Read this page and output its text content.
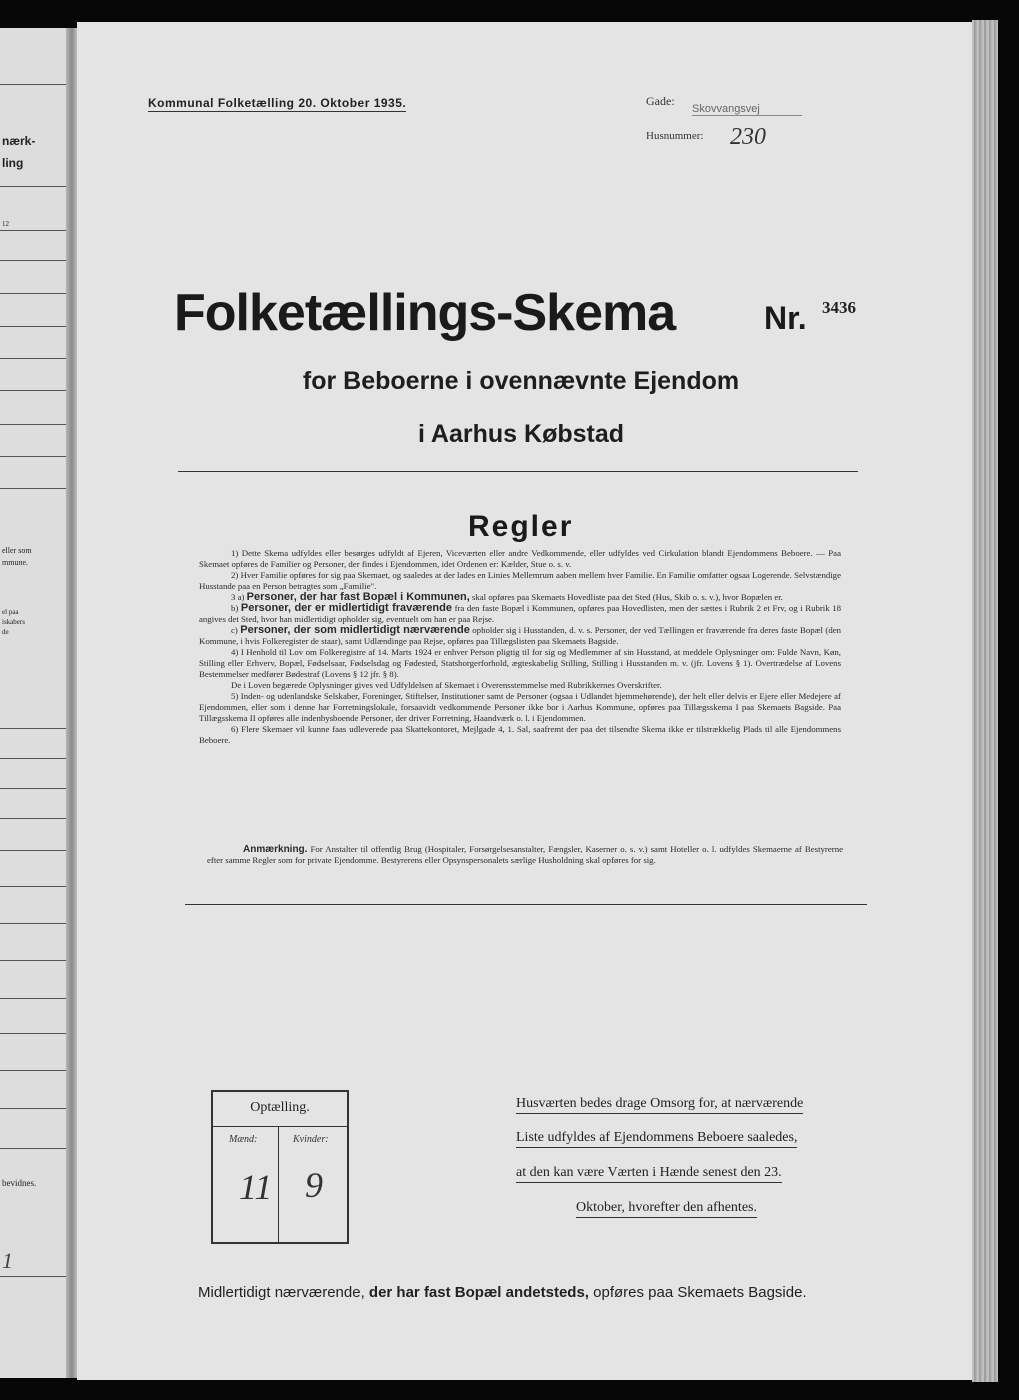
nærk-
ling
12
eller som
mmune.
el paa
iskabers
de
bevidnes.
1
Kommunal Folketælling 20. Oktober 1935.	Gade:
Skovvangsvej
Husnummer: 230
Folketællings-Skema	Nr. 3436
for Beboerne i ovennævnte Ejendom
i Aarhus Købstad
Regler

1) Dette Skema udfyldes eller besørges udfyldt af Ejeren, Viceværten eller andre Vedkommende, eller udfyldes ved Cirkulation blandt Ejendommens Beboere. — Paa Skemaet opføres de Familier og Personer, der findes i Ejendommen, idet Ordenen er: Kælder, Stue o. s. v.

2) Hver Familie opføres for sig paa Skemaet, og saaledes at der lades en Linies Mellemrum aaben mellem hver Familie. En Familie omfatter ogsaa Logerende. Selvstændige Husstande paa en Person betragtes som „Familie".

3 a) Personer, der har fast Bopæl i Kommunen, skal opføres paa Skemaets Hovedliste paa det Sted (Hus, Skib o. s. v.), hvor Bopælen er.

b) Personer, der er midlertidigt fraværende fra den faste Bopæl i Kommunen, opføres paa Hovedlisten, men der sættes i Rubrik 2 et Frv, og i Rubrik 18 angives det Sted, hvor han midlertidigt opholder sig, eventuelt om han er paa Rejse.

c) Personer, der som midlertidigt nærværende opholder sig i Husstanden, d. v. s. Personer, der ved Tællingen er fraværende fra deres faste Bopæl (den Kommune, i hvis Folkeregister de staar), samt Udlændinge paa Rejse, opføres paa Tillægslisten paa Skemaets Bagside.

4) I Henhold til Lov om Folkeregistre af 14. Marts 1924 er enhver Person pligtig til for sig og Medlemmer af sin Husstand, at meddele Oplysninger om: Fulde Navn, Køn, Stilling eller Erhverv, Bopæl, Fødselsaar, Fødselsdag og Fødested, Statsborgerforhold, ægteskabelig Stilling, Stilling i Husstanden m. v. (jfr. Lovens § 1). Overtrædelse af Lovens Bestemmelser medfører Bødestraf (Lovens § 12 jfr. § 8).

De i Loven begærede Oplysninger gives ved Udfyldelsen af Skemaet i Overensstemmelse med Rubrikkernes Overskrifter.

5) Inden- og udenlandske Selskaber, Foreninger, Stiftelser, Institutioner samt de Personer (ogsaa i Udlandet hjemmehørende), der helt eller delvis er Ejere eller Medejere af Ejendommen, eller som i denne har Forretningslokale, forsaavidt vedkommende Personer ikke bor i Aarhus Kommune, opføres paa Tillægsskema I paa Skemaets Bagside. Paa Tillægsskema II opføres alle indenbysboende Personer, der driver Forretning, Haandværk o. l. i Ejendommen.

6) Flere Skemaer vil kunne faas udleverede paa Skattekontoret, Mejlgade 4, 1. Sal, saafremt der paa det tilsendte Skema ikke er tilstrækkelig Plads til alle Ejendommens Beboere.

Anmærkning. For Anstalter til offentlig Brug (Hospitaler, Forsørgelsesanstalter, Fængsler, Kaserner o. s. v.) samt Hoteller o. l. udfyldes Skemaerne af Bestyrerne efter samme Regler som for private Ejendomme. Bestyrerens eller Opsynspersonalets særlige Husholdning skal opføres for sig.
Optælling.
Mænd:	Kvinder:
11 9
Husværten bedes drage Omsorg for, at nærværende
Liste udfyldes af Ejendommens Beboere saaledes,
at den kan være Værten i Hænde senest den 23.
Oktober, hvorefter den afhentes.
Midlertidigt nærværende, der har fast Bopæl andetsteds, opføres paa Skemaets Bagside.
